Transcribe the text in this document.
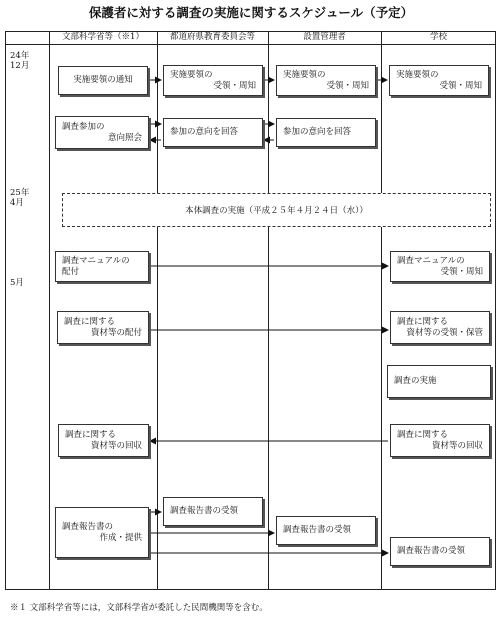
保護者に対する調査の実施に関するスケジュール（予定）
文部科学省等（※1）	都道府県教育委員会等	設置管理者	学校
24年
12月
25年
4月
5月
実施要領の通知
実施要領の
受領・周知
実施要領の
受領・周知
実施要領の
受領・周知
調査参加の
意向照会
参加の意向を回答	参加の意向を回答
本体調査の実施（平成２５年４月２４日（水））
調査マニュアルの
配付
調査マニュアルの
受領・周知
調査に関する
資材等の配付
調査に関する
資材等の受領・保管
調査の実施
調査に関する
資材等の回収
調査に関する
資材等の回収
調査報告書の
作成・提供
調査報告書の受領
調査報告書の受領
調査報告書の受領
※１ 文部科学省等には，文部科学省が委託した民間機関等を含む。
